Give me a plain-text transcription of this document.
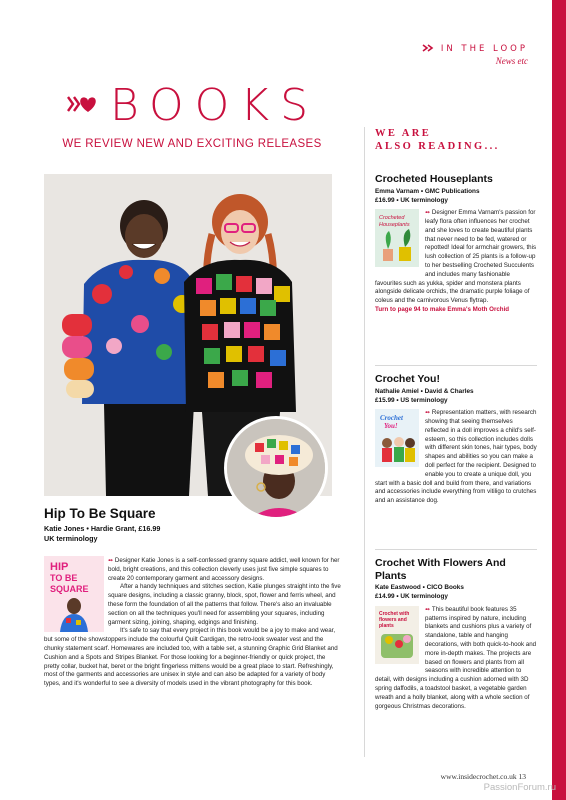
IN THE LOOP
News etc
BOOKS
WE REVIEW NEW AND EXCITING RELEASES
Hip To Be Square
Katie Jones • Hardie Grant, £16.99
UK terminology
HIP
TO BE
SQUARE

➻ Designer Katie Jones is a self-confessed granny square addict, well known for her bold, bright creations, and this collection cleverly uses just five simple squares to create 20 contemporary garment and accessory designs.

After a handy techniques and stitches section, Katie plunges straight into the five square designs, including a classic granny, block, spot, flower and ferris wheel, and these form the foundation of all the patterns that follow. There's also an invaluable section on all the techniques you'll need for assembling your squares, including garment sizing, joining, shaping, edgings and finishing.

It's safe to say that every project in this book would be a joy to make and wear, but some of the showstoppers include the colourful Quilt Cardigan, the retro-look sweater vest and the chunky statement scarf. Homewares are included too, with a table set, a stunning Graphic Grid Blanket and Cushion and a Spots and Stripes Blanket. For those looking for a beginner-friendly or quick project, the pretty collar, bucket hat, beret or the bright fingerless mittens would be a great place to start. Refreshingly, most of the garments and accessories are unisex in style and can also be adapted for a variety of body types, and it's wonderful to see a diversity of models used in the vibrant photography for this book.

WE ARE
ALSO READING...
Crocheted Houseplants
Emma Varnam • GMC Publications
£16.99 • UK terminology
Crocheted
Houseplants
➻ Designer Emma Varnam's passion for leafy flora often influences her crochet and she loves to create beautiful plants that never need to be fed, watered or repotted! Ideal for armchair growers, this lush collection of 25 plants is a follow-up to her bestselling Crocheted Succulents and includes many fashionable favourites such as yukka, spider and monstera plants alongside delicate orchids, the dramatic purple foliage of coleus and the carnivorous Venus flytrap.
Turn to page 94 to make Emma's Moth Orchid
Crochet You!
Nathalie Amiel • David & Charles
£15.99 • US terminology
Crochet
You!
➻ Representation matters, with research showing that seeing themselves reflected in a doll improves a child's self-esteem, so this collection includes dolls with different skin tones, hair types, body shapes and abilities so you can make a doll perfect for the recipient. Designed to enable you to create a unique doll, you start with a basic doll and build from there, and variations and accessories include everything from vitiligo to crutches and an assistance dog.
Crochet With Flowers And Plants
Kate Eastwood • CICO Books
£14.99 • UK terminology
Crochet with
flowers and
plants
➻ This beautiful book features 35 patterns inspired by nature, including blankets and cushions plus a variety of standalone, table and hanging decorations, with both quick-to-hook and more in-depth makes. The projects are based on flowers and plants from all seasons with incredible attention to detail, with designs including a cushion adorned with 3D spring daffodils, a toadstool basket, a vegetable garden wreath and a holly blanket, along with a whole section of gorgeous Christmas decorations.
www.insidecrochet.co.uk 13
PassionForum.ru
